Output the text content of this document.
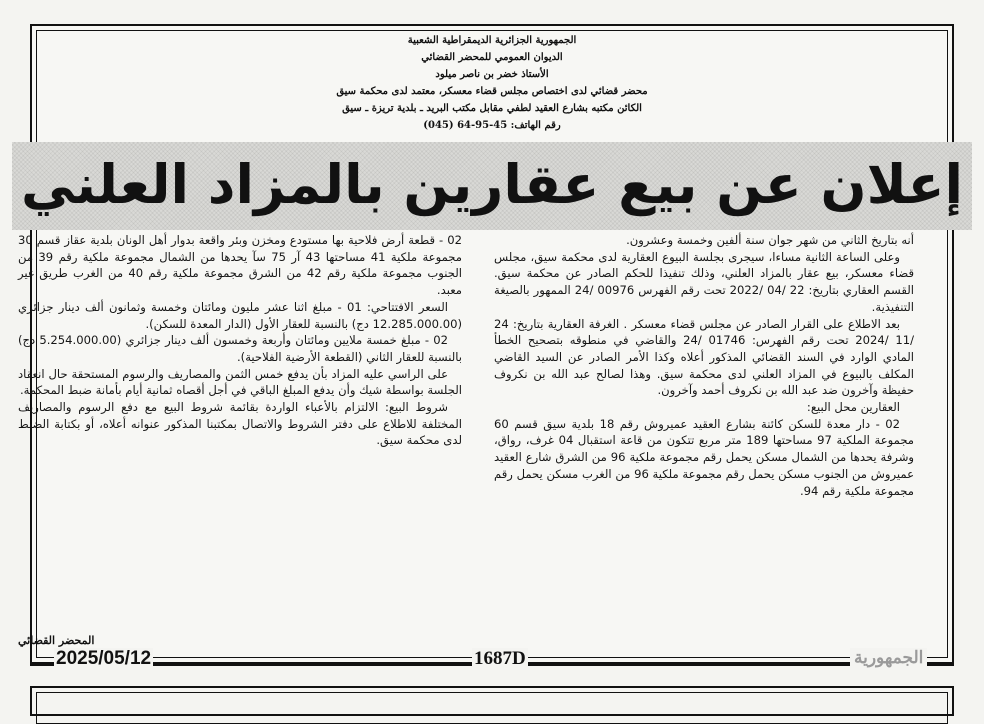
الجمهورية الجزائرية الديمقراطية الشعبية
الديوان العمومي للمحضر القضائي
الأستاذ خضر بن ناصر ميلود
محضر قضائي لدى اختصاص مجلس قضاء معسكر، معتمد لدى محكمة سيق
الكائن مكتبه بشارع العقيد لطفي مقابل مكتب البريد ـ بلدية تريزة ـ سيق
رقم الهاتف: 45-95-64 (045)
إعلان عن بيع عقارين بالمزاد العلني

أنه بتاريخ الثاني من شهر جوان سنة ألفين وخمسة وعشرون.

وعلى الساعة الثانية مساءا، سيجرى بجلسة البيوع العقارية لدى محكمة سيق، مجلس قضاء معسكر، بيع عقار بالمزاد العلني، وذلك تنفيذا للحكم الصادر عن محكمة سيق. القسم العقاري بتاريخ: 22 /04 /2022 تحت رقم الفهرس 00976 /24 الممهور بالصيغة التنفيذية.

بعد الاطلاع على القرار الصادر عن مجلس قضاء معسكر . الغرفة العقارية بتاريخ: 24 /11 /2024 تحت رقم الفهرس: 01746 /24 والقاضي في منطوقه بتصحيح الخطأ المادي الوارد في السند القضائي المذكور أعلاه وكذا الأمر الصادر عن السيد القاضي المكلف بالبيوع في المزاد العلني لدى محكمة سيق. وهذا لصالح عبد الله بن نكروف حفيظة وآخرون ضد عبد الله بن نكروف أحمد وآخرون.

العقارين محل البيع:

02 - دار معدة للسكن كائنة بشارع العقيد عميروش رقم 18 بلدية سيق قسم 60 مجموعة الملكية 97 مساحتها 189 متر مربع تتكون من قاعة استقبال 04 غرف، رواق، وشرفة يحدها من الشمال مسكن يحمل رقم مجموعة ملكية 96 من الشرق شارع العقيد عميروش من الجنوب مسكن يحمل رقم مجموعة ملكية 96 من الغرب مسكن يحمل رقم مجموعة ملكية رقم 94.

02 - قطعة أرض فلاحية بها مستودع ومخزن وبئر واقعة بدوار أهل الونان بلدية عقاز قسم 30 مجموعة ملكية 41 مساحتها 43 آر 75 سآ يحدها من الشمال مجموعة ملكية رقم 39 من الجنوب مجموعة ملكية رقم 42 من الشرق مجموعة ملكية رقم 40 من الغرب طريق غير معبد.

السعر الافتتاحي: 01 - مبلغ اثنا عشر مليون ومائتان وخمسة وثمانون ألف دينار جزائري (12.285.000.00 دج) بالنسبة للعقار الأول (الدار المعدة للسكن).

02 - مبلغ خمسة ملايين ومائتان وأربعة وخمسون ألف دينار جزائري (5.254.000.00 دج) بالنسبة للعقار الثاني (القطعة الأرضية الفلاحية).

على الراسي عليه المزاد بأن يدفع خمس الثمن والمصاريف والرسوم المستحقة حال انعقاد الجلسة بواسطة شيك وأن يدفع المبلغ الباقي في أجل أقصاه ثمانية أيام بأمانة ضبط المحكمة.

شروط البيع: الالتزام بالأعباء الواردة بقائمة شروط البيع مع دفع الرسوم والمصاريف المختلفة للاطلاع على دفتر الشروط والاتصال بمكتبنا المذكور عنوانه أعلاه، أو بكتابة الضبط لدى محكمة سيق.

المحضر القضائي
2025/05/12	1687D	الجمهورية
